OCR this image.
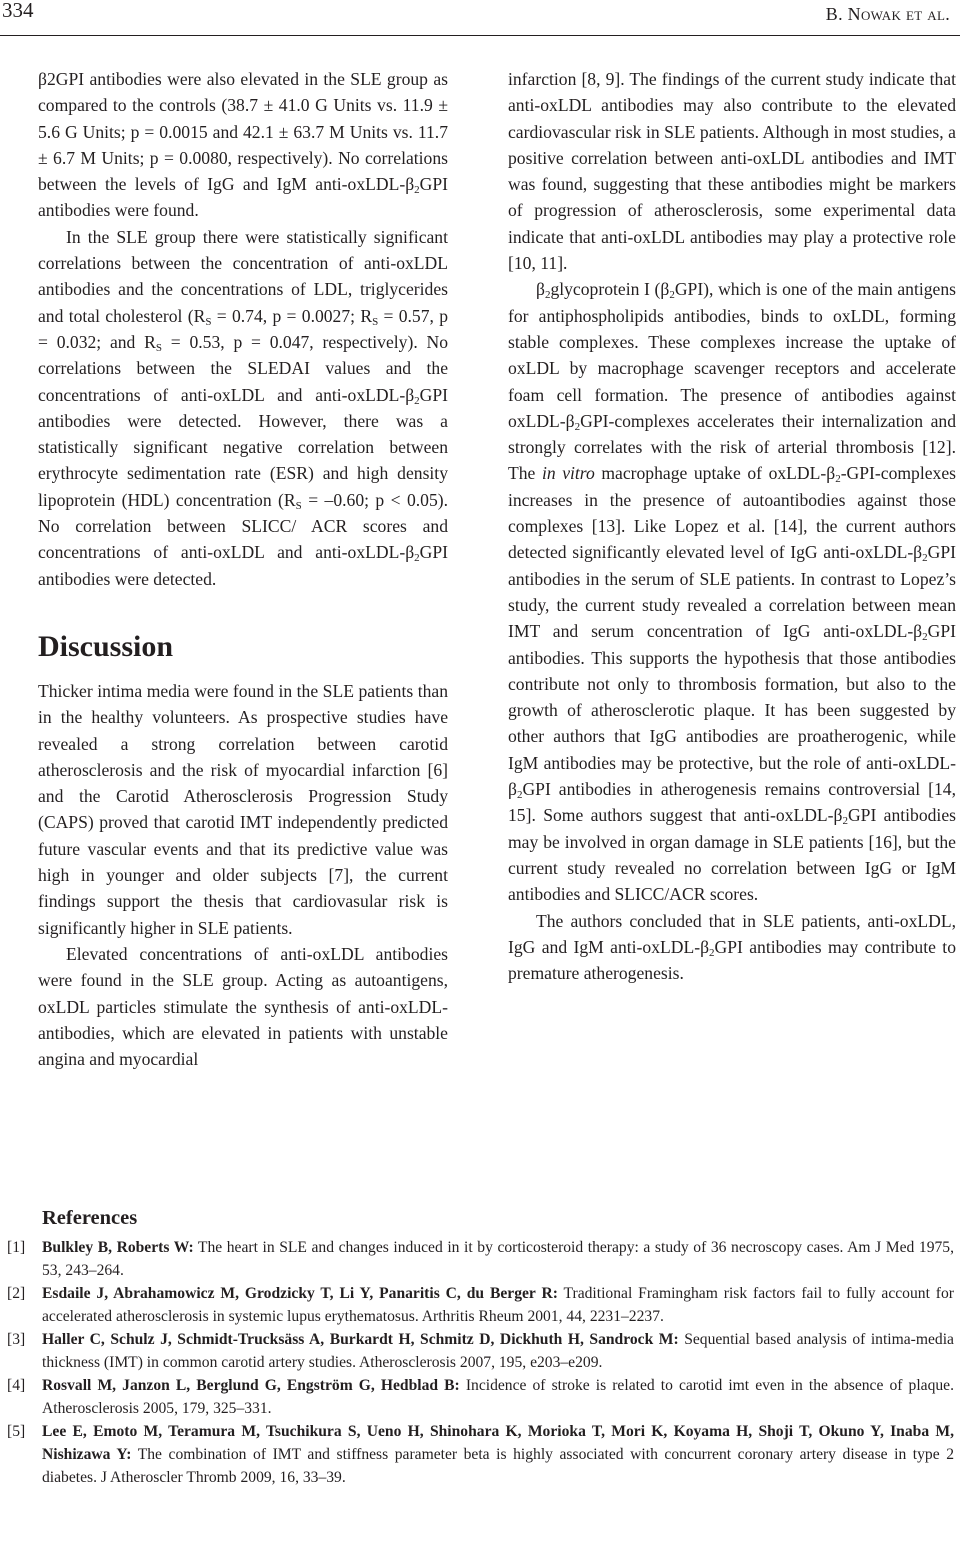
334	B. Nowak et al.

β2GPI antibodies were also elevated in the SLE group as compared to the controls (38.7 ± 41.0 G Units vs. 11.9 ± 5.6 G Units; p = 0.0015 and 42.1 ± 63.7 M Units vs. 11.7 ± 6.7 M Units; p = 0.0080, respectively). No correlations between the levels of IgG and IgM anti-$oxLDL-\beta_2GPI$ antibodies were found.

In the SLE group there were statistically significant correlations between the concentration of anti-oxLDL antibodies and the concentrations of LDL, triglycerides and total cholesterol ($R_S = 0.74$, p = 0.0027; $R_S = 0.57$, p = 0.032; and $R_S = 0.53$, p = 0.047, respectively). No correlations between the SLEDAI values and the concentrations of anti-oxLDL and anti-$oxLDL-\beta_2GPI$ antibodies were detected. However, there was a statistically significant negative correlation between erythrocyte sedimentation rate (ESR) and high density lipoprotein (HDL) concentration ($R_S = -0.60$; p < 0.05). No correlation between SLICC/ ACR scores and concentrations of anti-oxLDL and anti-$oxLDL-\beta_2GPI$ antibodies were detected.

Discussion

Thicker intima media were found in the SLE patients than in the healthy volunteers. As prospective studies have revealed a strong correlation between carotid atherosclerosis and the risk of myocardial infarction [6] and the Carotid Atherosclerosis Progression Study (CAPS) proved that carotid IMT independently predicted future vascular events and that its predictive value was high in younger and older subjects [7], the current findings support the thesis that cardiovasular risk is significantly higher in SLE patients.

Elevated concentrations of anti-oxLDL antibodies were found in the SLE group. Acting as autoantigens, oxLDL particles stimulate the synthesis of anti-oxLDL-antibodies, which are elevated in patients with unstable angina and myocardial

infarction [8, 9]. The findings of the current study indicate that anti-oxLDL antibodies may also contribute to the elevated cardiovascular risk in SLE patients. Although in most studies, a positive correlation between anti-oxLDL antibodies and IMT was found, suggesting that these antibodies might be markers of progression of atherosclerosis, some experimental data indicate that anti-oxLDL antibodies may play a protective role [10, 11].

$\beta_2glycoprotein$ I $(\beta_2GPI)$, which is one of the main antigens for antiphospholipids antibodies, binds to oxLDL, forming stable complexes. These complexes increase the uptake of oxLDL by macrophage scavenger receptors and accelerate foam cell formation. The presence of antibodies against oxLDL-$\beta_2GPI$-complexes accelerates their internalization and strongly correlates with the risk of arterial thrombosis [12]. The in vitro macrophage uptake of oxLDL-$\beta_2-GPI$-complexes increases in the presence of autoantibodies against those complexes [13]. Like Lopez et al. [14], the current authors detected significantly elevated level of IgG anti-$oxLDL-\beta_2GPI$ antibodies in the serum of SLE patients. In contrast to Lopez’s study, the current study revealed a correlation between mean IMT and serum concentration of IgG anti-$oxLDL-\beta_2GPI$ antibodies. This supports the hypothesis that those antibodies contribute not only to thrombosis formation, but also to the growth of atherosclerotic plaque. It has been suggested by other authors that IgG antibodies are proatherogenic, while IgM antibodies may be protective, but the role of anti-$oxLDL-\beta_2GPI$ antibodies in atherogenesis remains controversial [14, 15]. Some authors suggest that anti-$oxLDL-\beta_2GPI$ antibodies may be involved in organ damage in SLE patients [16], but the current study revealed no correlation between IgG or IgM antibodies and SLICC/ACR scores.

The authors concluded that in SLE patients, anti-oxLDL, IgG and IgM anti-$oxLDL-\beta_2GPI$ antibodies may contribute to premature atherogenesis.

References
[1] Bulkley B, Roberts W: The heart in SLE and changes induced in it by corticosteroid therapy: a study of 36 necroscopy cases. Am J Med 1975, 53, 243–264.
[2] Esdaile J, Abrahamowicz M, Grodzicky T, Li Y, Panaritis C, du Berger R: Traditional Framingham risk factors fail to fully account for accelerated atherosclerosis in systemic lupus erythematosus. Arthritis Rheum 2001, 44, 2231–2237.
[3] Haller C, Schulz J, Schmidt-Trucksäss A, Burkardt H, Schmitz D, Dickhuth H, Sandrock M: Sequential based analysis of intima-media thickness (IMT) in common carotid artery studies. Atherosclerosis 2007, 195, e203–e209.
[4] Rosvall M, Janzon L, Berglund G, Engström G, Hedblad B: Incidence of stroke is related to carotid imt even in the absence of plaque. Atherosclerosis 2005, 179, 325–331.
[5] Lee E, Emoto M, Teramura M, Tsuchikura S, Ueno H, Shinohara K, Morioka T, Mori K, Koyama H, Shoji T, Okuno Y, Inaba M, Nishizawa Y: The combination of IMT and stiffness parameter beta is highly associated with concurrent coronary artery disease in type 2 diabetes. J Atheroscler Thromb 2009, 16, 33–39.
